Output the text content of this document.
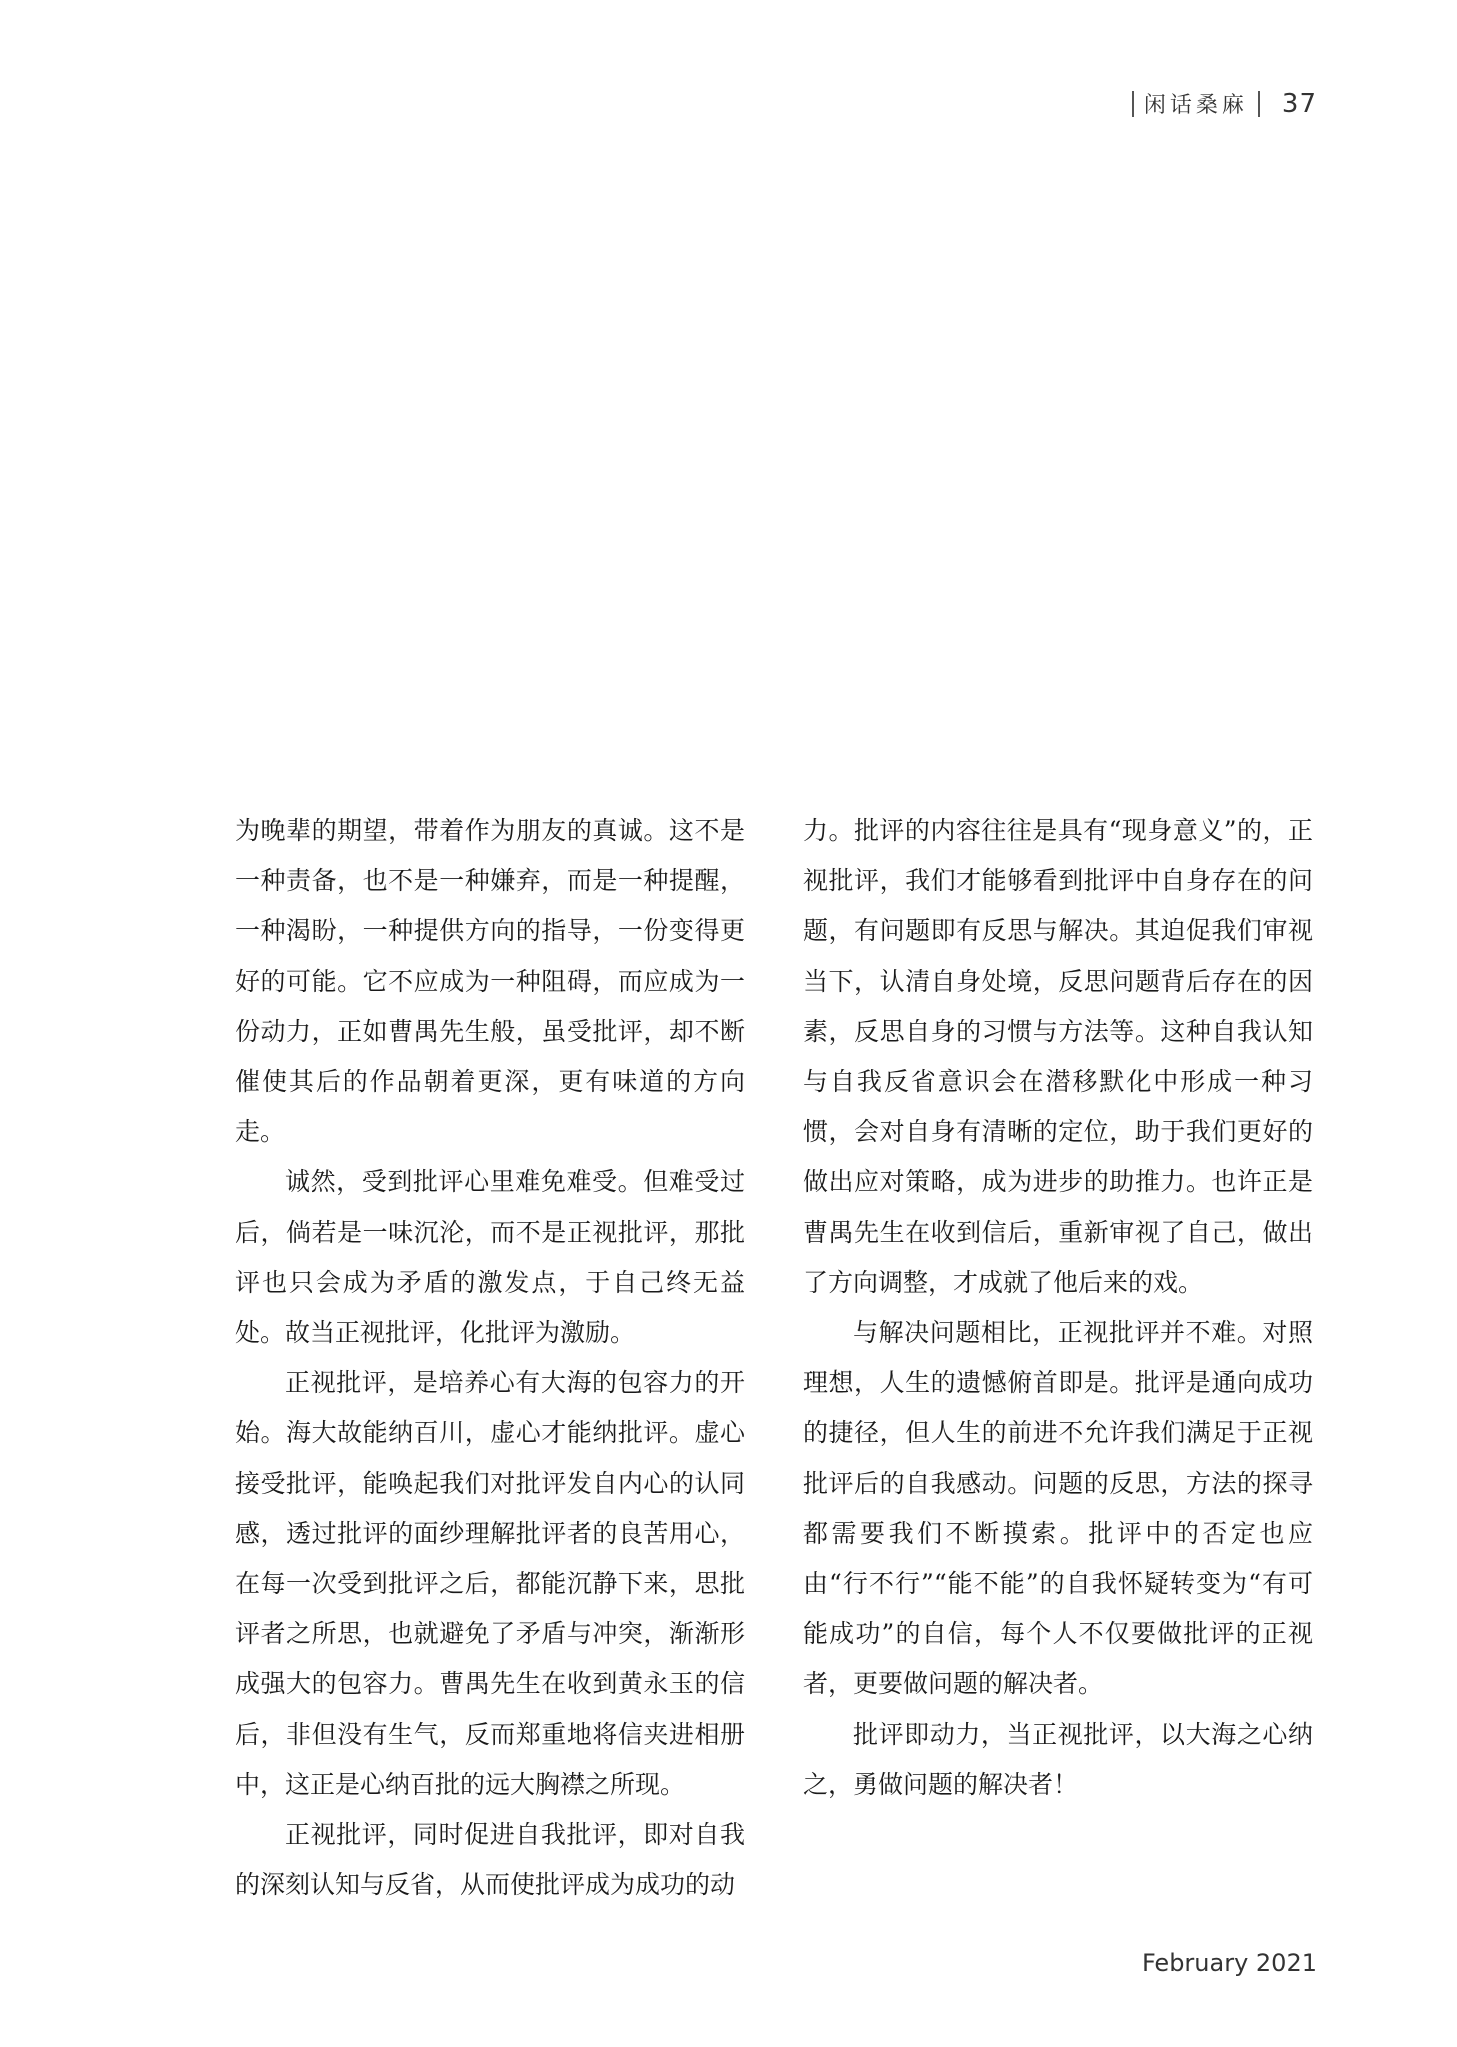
闲话桑麻 37

为晚辈的期望，带着作为朋友的真诚。这不是一种责备，也不是一种嫌弃，而是一种提醒，一种渴盼，一种提供方向的指导，一份变得更好的可能。它不应成为一种阻碍，而应成为一份动力，正如曹禺先生般，虽受批评，却不断催使其后的作品朝着更深，更有味道的方向走。

诚然，受到批评心里难免难受。但难受过后，倘若是一味沉沦，而不是正视批评，那批评也只会成为矛盾的激发点，于自己终无益处。故当正视批评，化批评为激励。

正视批评，是培养心有大海的包容力的开始。海大故能纳百川，虚心才能纳批评。虚心接受批评，能唤起我们对批评发自内心的认同感，透过批评的面纱理解批评者的良苦用心，在每一次受到批评之后，都能沉静下来，思批评者之所思，也就避免了矛盾与冲突，渐渐形成强大的包容力。曹禺先生在收到黄永玉的信后，非但没有生气，反而郑重地将信夹进相册中，这正是心纳百批的远大胸襟之所现。

正视批评，同时促进自我批评，即对自我的深刻认知与反省，从而使批评成为成功的动

力。批评的内容往往是具有“现身意义”的，正视批评，我们才能够看到批评中自身存在的问题，有问题即有反思与解决。其迫促我们审视当下，认清自身处境，反思问题背后存在的因素，反思自身的习惯与方法等。这种自我认知与自我反省意识会在潜移默化中形成一种习惯，会对自身有清晰的定位，助于我们更好的做出应对策略，成为进步的助推力。也许正是曹禺先生在收到信后，重新审视了自己，做出了方向调整，才成就了他后来的戏。

与解决问题相比，正视批评并不难。对照理想，人生的遗憾俯首即是。批评是通向成功的捷径，但人生的前进不允许我们满足于正视批评后的自我感动。问题的反思，方法的探寻都需要我们不断摸索。批评中的否定也应由“行不行”“能不能”的自我怀疑转变为“有可能成功”的自信，每个人不仅要做批评的正视者，更要做问题的解决者。

批评即动力，当正视批评，以大海之心纳之，勇做问题的解决者！

February 2021
